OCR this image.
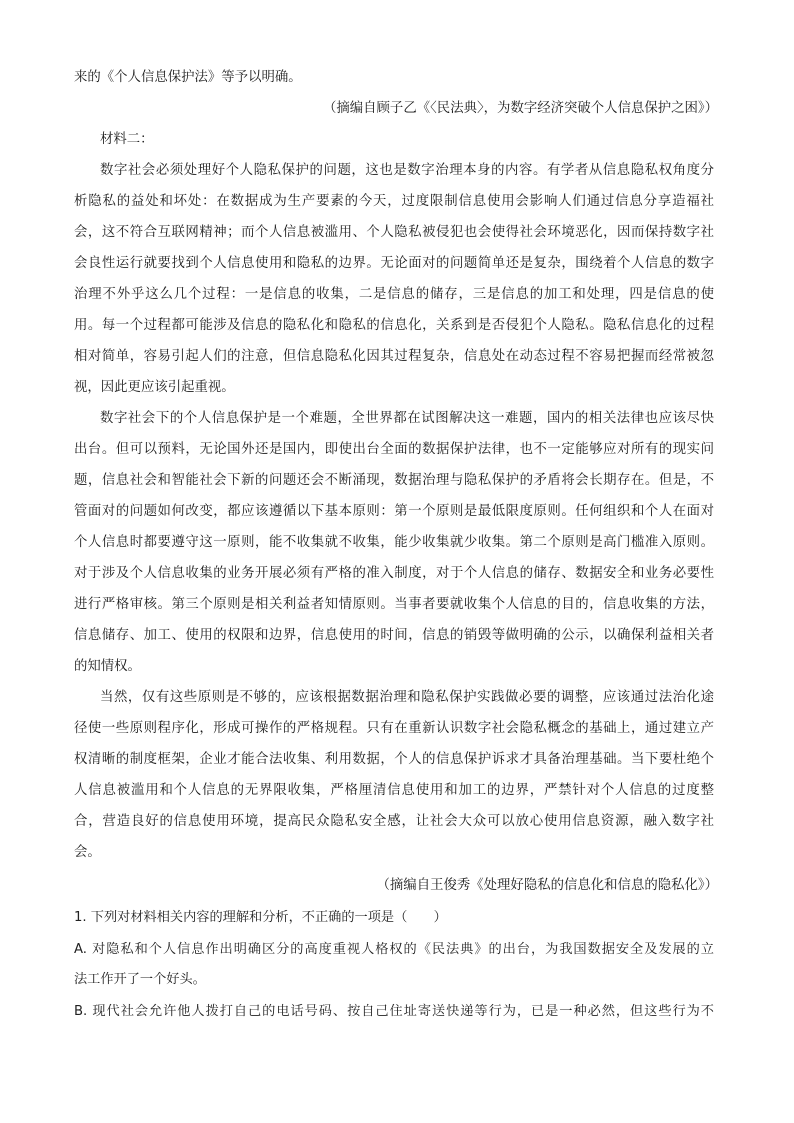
来的《个人信息保护法》等予以明确。
（摘编自顾子乙《〈民法典〉，为数字经济突破个人信息保护之困》）
材料二：
数字社会必须处理好个人隐私保护的问题，这也是数字治理本身的内容。有学者从信息隐私权角度分
析隐私的益处和坏处：在数据成为生产要素的今天，过度限制信息使用会影响人们通过信息分享造福社
会，这不符合互联网精神；而个人信息被滥用、个人隐私被侵犯也会使得社会环境恶化，因而保持数字社
会良性运行就要找到个人信息使用和隐私的边界。无论面对的问题简单还是复杂，围绕着个人信息的数字
治理不外乎这么几个过程：一是信息的收集，二是信息的储存，三是信息的加工和处理，四是信息的使
用。每一个过程都可能涉及信息的隐私化和隐私的信息化，关系到是否侵犯个人隐私。隐私信息化的过程
相对简单，容易引起人们的注意，但信息隐私化因其过程复杂，信息处在动态过程不容易把握而经常被忽
视，因此更应该引起重视。
数字社会下的个人信息保护是一个难题，全世界都在试图解决这一难题，国内的相关法律也应该尽快
出台。但可以预料，无论国外还是国内，即使出台全面的数据保护法律，也不一定能够应对所有的现实问
题，信息社会和智能社会下新的问题还会不断涌现，数据治理与隐私保护的矛盾将会长期存在。但是，不
管面对的问题如何改变，都应该遵循以下基本原则：第一个原则是最低限度原则。任何组织和个人在面对
个人信息时都要遵守这一原则，能不收集就不收集，能少收集就少收集。第二个原则是高门槛准入原则。
对于涉及个人信息收集的业务开展必须有严格的准入制度，对于个人信息的储存、数据安全和业务必要性
进行严格审核。第三个原则是相关利益者知情原则。当事者要就收集个人信息的目的，信息收集的方法，
信息储存、加工、使用的权限和边界，信息使用的时间，信息的销毁等做明确的公示，以确保利益相关者
的知情权。
当然，仅有这些原则是不够的，应该根据数据治理和隐私保护实践做必要的调整，应该通过法治化途
径使一些原则程序化，形成可操作的严格规程。只有在重新认识数字社会隐私概念的基础上，通过建立产
权清晰的制度框架，企业才能合法收集、利用数据，个人的信息保护诉求才具备治理基础。当下要杜绝个
人信息被滥用和个人信息的无界限收集，严格厘清信息使用和加工的边界，严禁针对个人信息的过度整
合，营造良好的信息使用环境，提高民众隐私安全感，让社会大众可以放心使用信息资源，融入数字社
会。
（摘编自王俊秀《处理好隐私的信息化和信息的隐私化》）
1. 下列对材料相关内容的理解和分析，不正确的一项是（　　）
A. 对隐私和个人信息作出明确区分的高度重视人格权的《民法典》的出台，为我国数据安全及发展的立
法工作开了一个好头。
B. 现代社会允许他人拨打自己的电话号码、按自己住址寄送快递等行为，已是一种必然，但这些行为不
